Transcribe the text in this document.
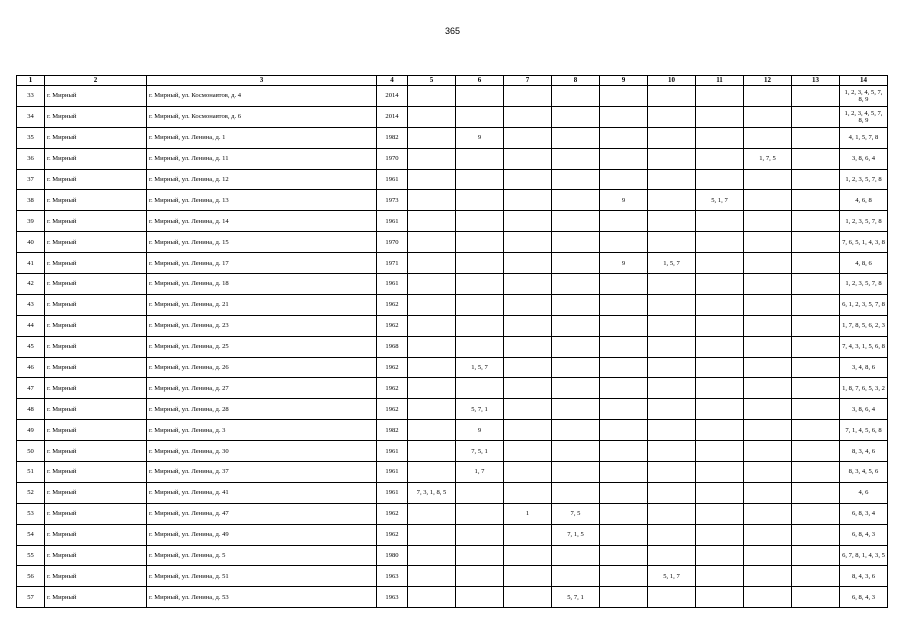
365
1	2	3	4	5	6	7	8	9	10	11	12	13	14
33	г. Мирный	г. Мирный, ул. Космонавтов, д. 4	2014										1, 2, 3, 4, 5, 7, 8, 9
34	г. Мирный	г. Мирный, ул. Космонавтов, д. 6	2014										1, 2, 3, 4, 5, 7, 8, 9
35	г. Мирный	г. Мирный, ул. Ленина, д. 1	1982		9								4, 1, 5, 7, 8
36	г. Мирный	г. Мирный, ул. Ленина, д. 11	1970								1, 7, 5		3, 8, 6, 4
37	г. Мирный	г. Мирный, ул. Ленина, д. 12	1961										1, 2, 3, 5, 7, 8
38	г. Мирный	г. Мирный, ул. Ленина, д. 13	1973					9		5, 1, 7			4, 6, 8
39	г. Мирный	г. Мирный, ул. Ленина, д. 14	1961										1, 2, 3, 5, 7, 8
40	г. Мирный	г. Мирный, ул. Ленина, д. 15	1970										7, 6, 5, 1, 4, 3, 8
41	г. Мирный	г. Мирный, ул. Ленина, д. 17	1971					9	1, 5, 7				4, 8, 6
42	г. Мирный	г. Мирный, ул. Ленина, д. 18	1961										1, 2, 3, 5, 7, 8
43	г. Мирный	г. Мирный, ул. Ленина, д. 21	1962										6, 1, 2, 3, 5, 7, 8
44	г. Мирный	г. Мирный, ул. Ленина, д. 23	1962										1, 7, 8, 5, 6, 2, 3
45	г. Мирный	г. Мирный, ул. Ленина, д. 25	1968										7, 4, 3, 1, 5, 6, 8
46	г. Мирный	г. Мирный, ул. Ленина, д. 26	1962		1, 5, 7								3, 4, 8, 6
47	г. Мирный	г. Мирный, ул. Ленина, д. 27	1962										1, 8, 7, 6, 5, 3, 2
48	г. Мирный	г. Мирный, ул. Ленина, д. 28	1962		5, 7, 1								3, 8, 6, 4
49	г. Мирный	г. Мирный, ул. Ленина, д. 3	1982		9								7, 1, 4, 5, 6, 8
50	г. Мирный	г. Мирный, ул. Ленина, д. 30	1961		7, 5, 1								8, 3, 4, 6
51	г. Мирный	г. Мирный, ул. Ленина, д. 37	1961		1, 7								8, 3, 4, 5, 6
52	г. Мирный	г. Мирный, ул. Ленина, д. 41	1961	7, 3, 1, 8, 5									4, 6
53	г. Мирный	г. Мирный, ул. Ленина, д. 47	1962			1	7, 5						6, 8, 3, 4
54	г. Мирный	г. Мирный, ул. Ленина, д. 49	1962				7, 1, 5						6, 8, 4, 3
55	г. Мирный	г. Мирный, ул. Ленина, д. 5	1980										6, 7, 8, 1, 4, 3, 5
56	г. Мирный	г. Мирный, ул. Ленина, д. 51	1963						5, 1, 7				8, 4, 3, 6
57	г. Мирный	г. Мирный, ул. Ленина, д. 53	1963				5, 7, 1						6, 8, 4, 3
